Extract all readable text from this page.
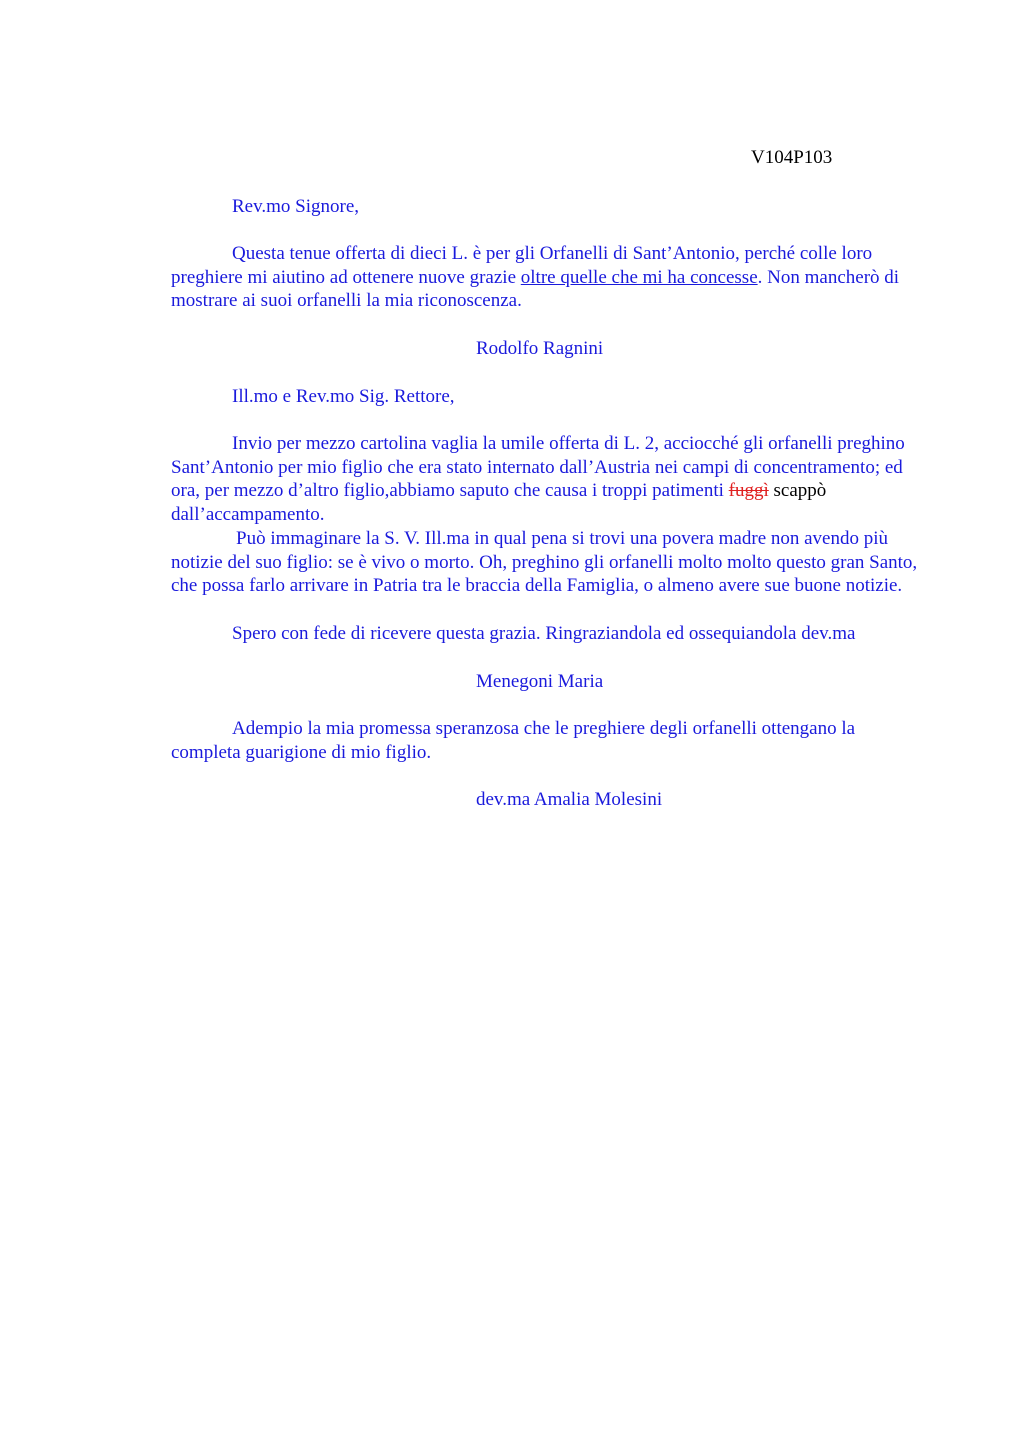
V104P103
Rev.mo Signore,

Questa tenue offerta di dieci L. è per gli Orfanelli di Sant’Antonio, perché colle loro preghiere mi aiutino ad ottenere nuove grazie oltre quelle che mi ha concesse. Non mancherò di mostrare ai suoi orfanelli la mia riconoscenza.

Rodolfo Ragnini
Ill.mo e Rev.mo Sig. Rettore,

Invio per mezzo cartolina vaglia la umile offerta di L. 2, acciocché gli orfanelli preghino Sant’Antonio per mio figlio che era stato internato dall’Austria nei campi di concentramento; ed ora, per mezzo d’altro figlio,abbiamo saputo che causa i troppi patimenti fuggì scappò dall’accampamento.

Può immaginare la S. V. Ill.ma in qual pena si trovi una povera madre non avendo più notizie del suo figlio: se è vivo o morto. Oh, preghino gli orfanelli molto molto questo gran Santo, che possa farlo arrivare in Patria tra le braccia della Famiglia, o almeno avere sue buone notizie.

Spero con fede di ricevere questa grazia. Ringraziandola ed ossequiandola dev.ma

Menegoni Maria

Adempio la mia promessa speranzosa che le preghiere degli orfanelli ottengano la completa guarigione di mio figlio.

dev.ma Amalia Molesini
